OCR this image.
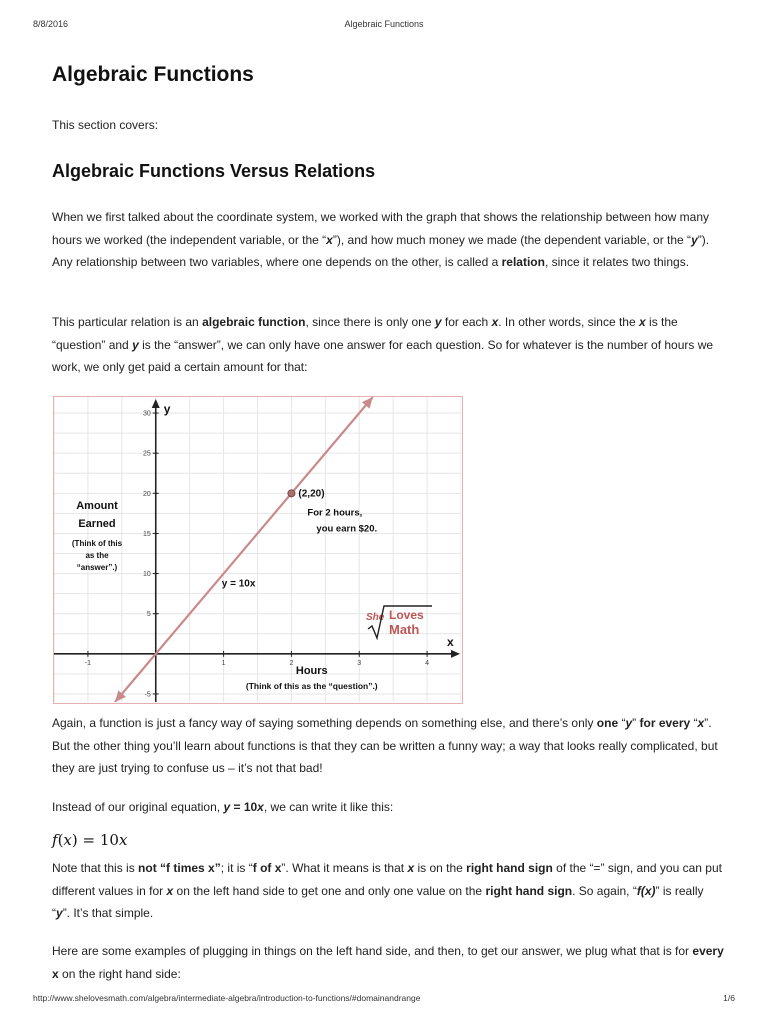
8/8/2016	Algebraic Functions
Algebraic Functions
This section covers:
Algebraic Functions Versus Relations

When we first talked about the coordinate system, we worked with the graph that shows the relationship between how many hours we worked (the independent variable, or the “x”), and how much money we made (the dependent variable, or the “y”). Any relationship between two variables, where one depends on the other, is called a relation, since it relates two things.

This particular relation is an algebraic function, since there is only one y for each x. In other words, since the x is the “question” and y is the “answer”, we can only have one answer for each question. So for whatever is the number of hours we work, we only get paid a certain amount for that:

Again, a function is just a fancy way of saying something depends on something else, and there’s only one “y” for every “x”. But the other thing you’ll learn about functions is that they can be written a funny way; a way that looks really complicated, but they are just trying to confuse us – it’s not that bad!

Instead of our original equation, y = 10x, we can write it like this:

f(x) = 10x

Note that this is not “f times x”; it is “f of x”. What it means is that x is on the right hand sign of the “=” sign, and you can put different values in for x on the left hand side to get one and only one value on the right hand sign. So again, “f(x)” is really “y”. It’s that simple.

Here are some examples of plugging in things on the left hand side, and then, to get our answer, we plug what that is for every x on the right hand side:

y
x
-1	1	2	3	4
-5
5
10
15
20
25
30
(2,20)
For 2 hours,
you earn $20.
y = 10x
Amount
Earned
(Think of this
as the
“answer”.)
Hours
(Think of this as the “question”.)
She Loves
Math
http://www.shelovesmath.com/algebra/intermediate-algebra/introduction-to-functions/#domainandrange	1/6
